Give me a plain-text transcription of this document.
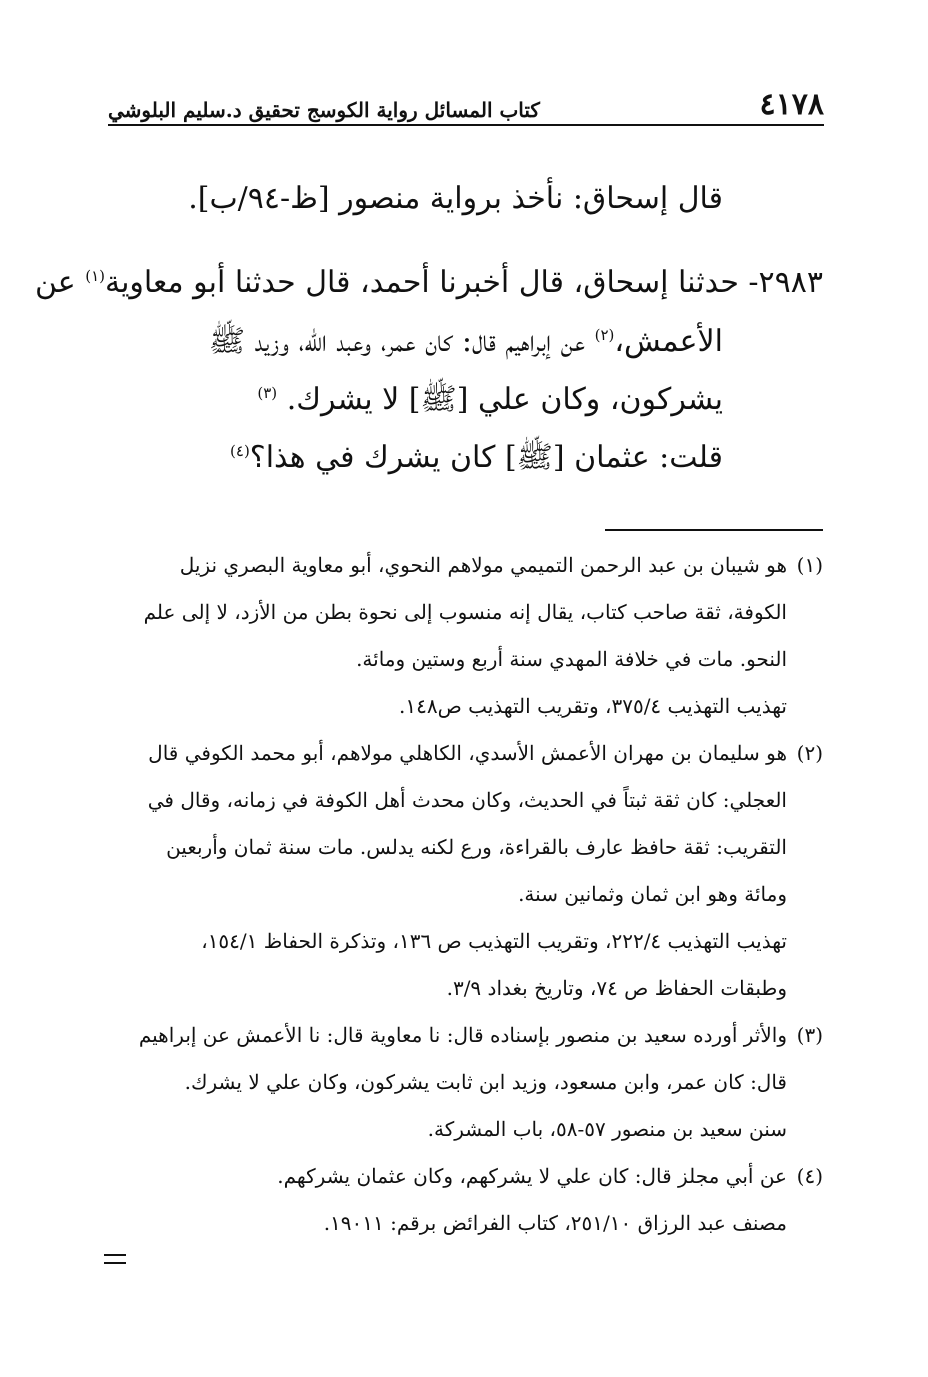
٤١٧٨
كتاب المسائل رواية الكوسج تحقيق د.سليم البلوشي
قال إسحاق: نأخذ برواية منصور [ظ-٩٤/ب].
٢٩٨٣- حدثنا إسحاق، قال أخبرنا أحمد، قال حدثنا أبو معاوية$^{(١)}$ عن
الأعمش،$^{(٢)}$ عن إبراهيم قال: كان عمر، وعبد الله، وزيد ﷺ
يشركون، وكان علي [ﷺ] لا يشرك. $^{(٣)}$
قلت: عثمان [ﷺ] كان يشرك في هذا؟$^{(٤)}$
(١)
هو شيبان بن عبد الرحمن التميمي مولاهم النحوي، أبو معاوية البصري نزيل
الكوفة، ثقة صاحب كتاب، يقال إنه منسوب إلى نحوة بطن من الأزد، لا إلى علم
النحو. مات في خلافة المهدي سنة أربع وستين ومائة.
تهذيب التهذيب ٣٧٥/٤، وتقريب التهذيب ص١٤٨.
(٢)
هو سليمان بن مهران الأعمش الأسدي، الكاهلي مولاهم، أبو محمد الكوفي قال
العجلي: كان ثقة ثبتاً في الحديث، وكان محدث أهل الكوفة في زمانه، وقال في
التقريب: ثقة حافظ عارف بالقراءة، ورع لكنه يدلس. مات سنة ثمان وأربعين
ومائة وهو ابن ثمان وثمانين سنة.
تهذيب التهذيب ٢٢٢/٤، وتقريب التهذيب ص ١٣٦، وتذكرة الحفاظ ١٥٤/١،
وطبقات الحفاظ ص ٧٤، وتاريخ بغداد ٣/٩.
(٣)
والأثر أورده سعيد بن منصور بإسناده قال: نا معاوية قال: نا الأعمش عن إبراهيم
قال: كان عمر، وابن مسعود، وزيد ابن ثابت يشركون، وكان علي لا يشرك.
سنن سعيد بن منصور ٥٧-٥٨، باب المشركة.
(٤)
عن أبي مجلز قال: كان علي لا يشركهم، وكان عثمان يشركهم.
مصنف عبد الرزاق ٢٥١/١٠، كتاب الفرائض برقم: ١٩٠١١.
